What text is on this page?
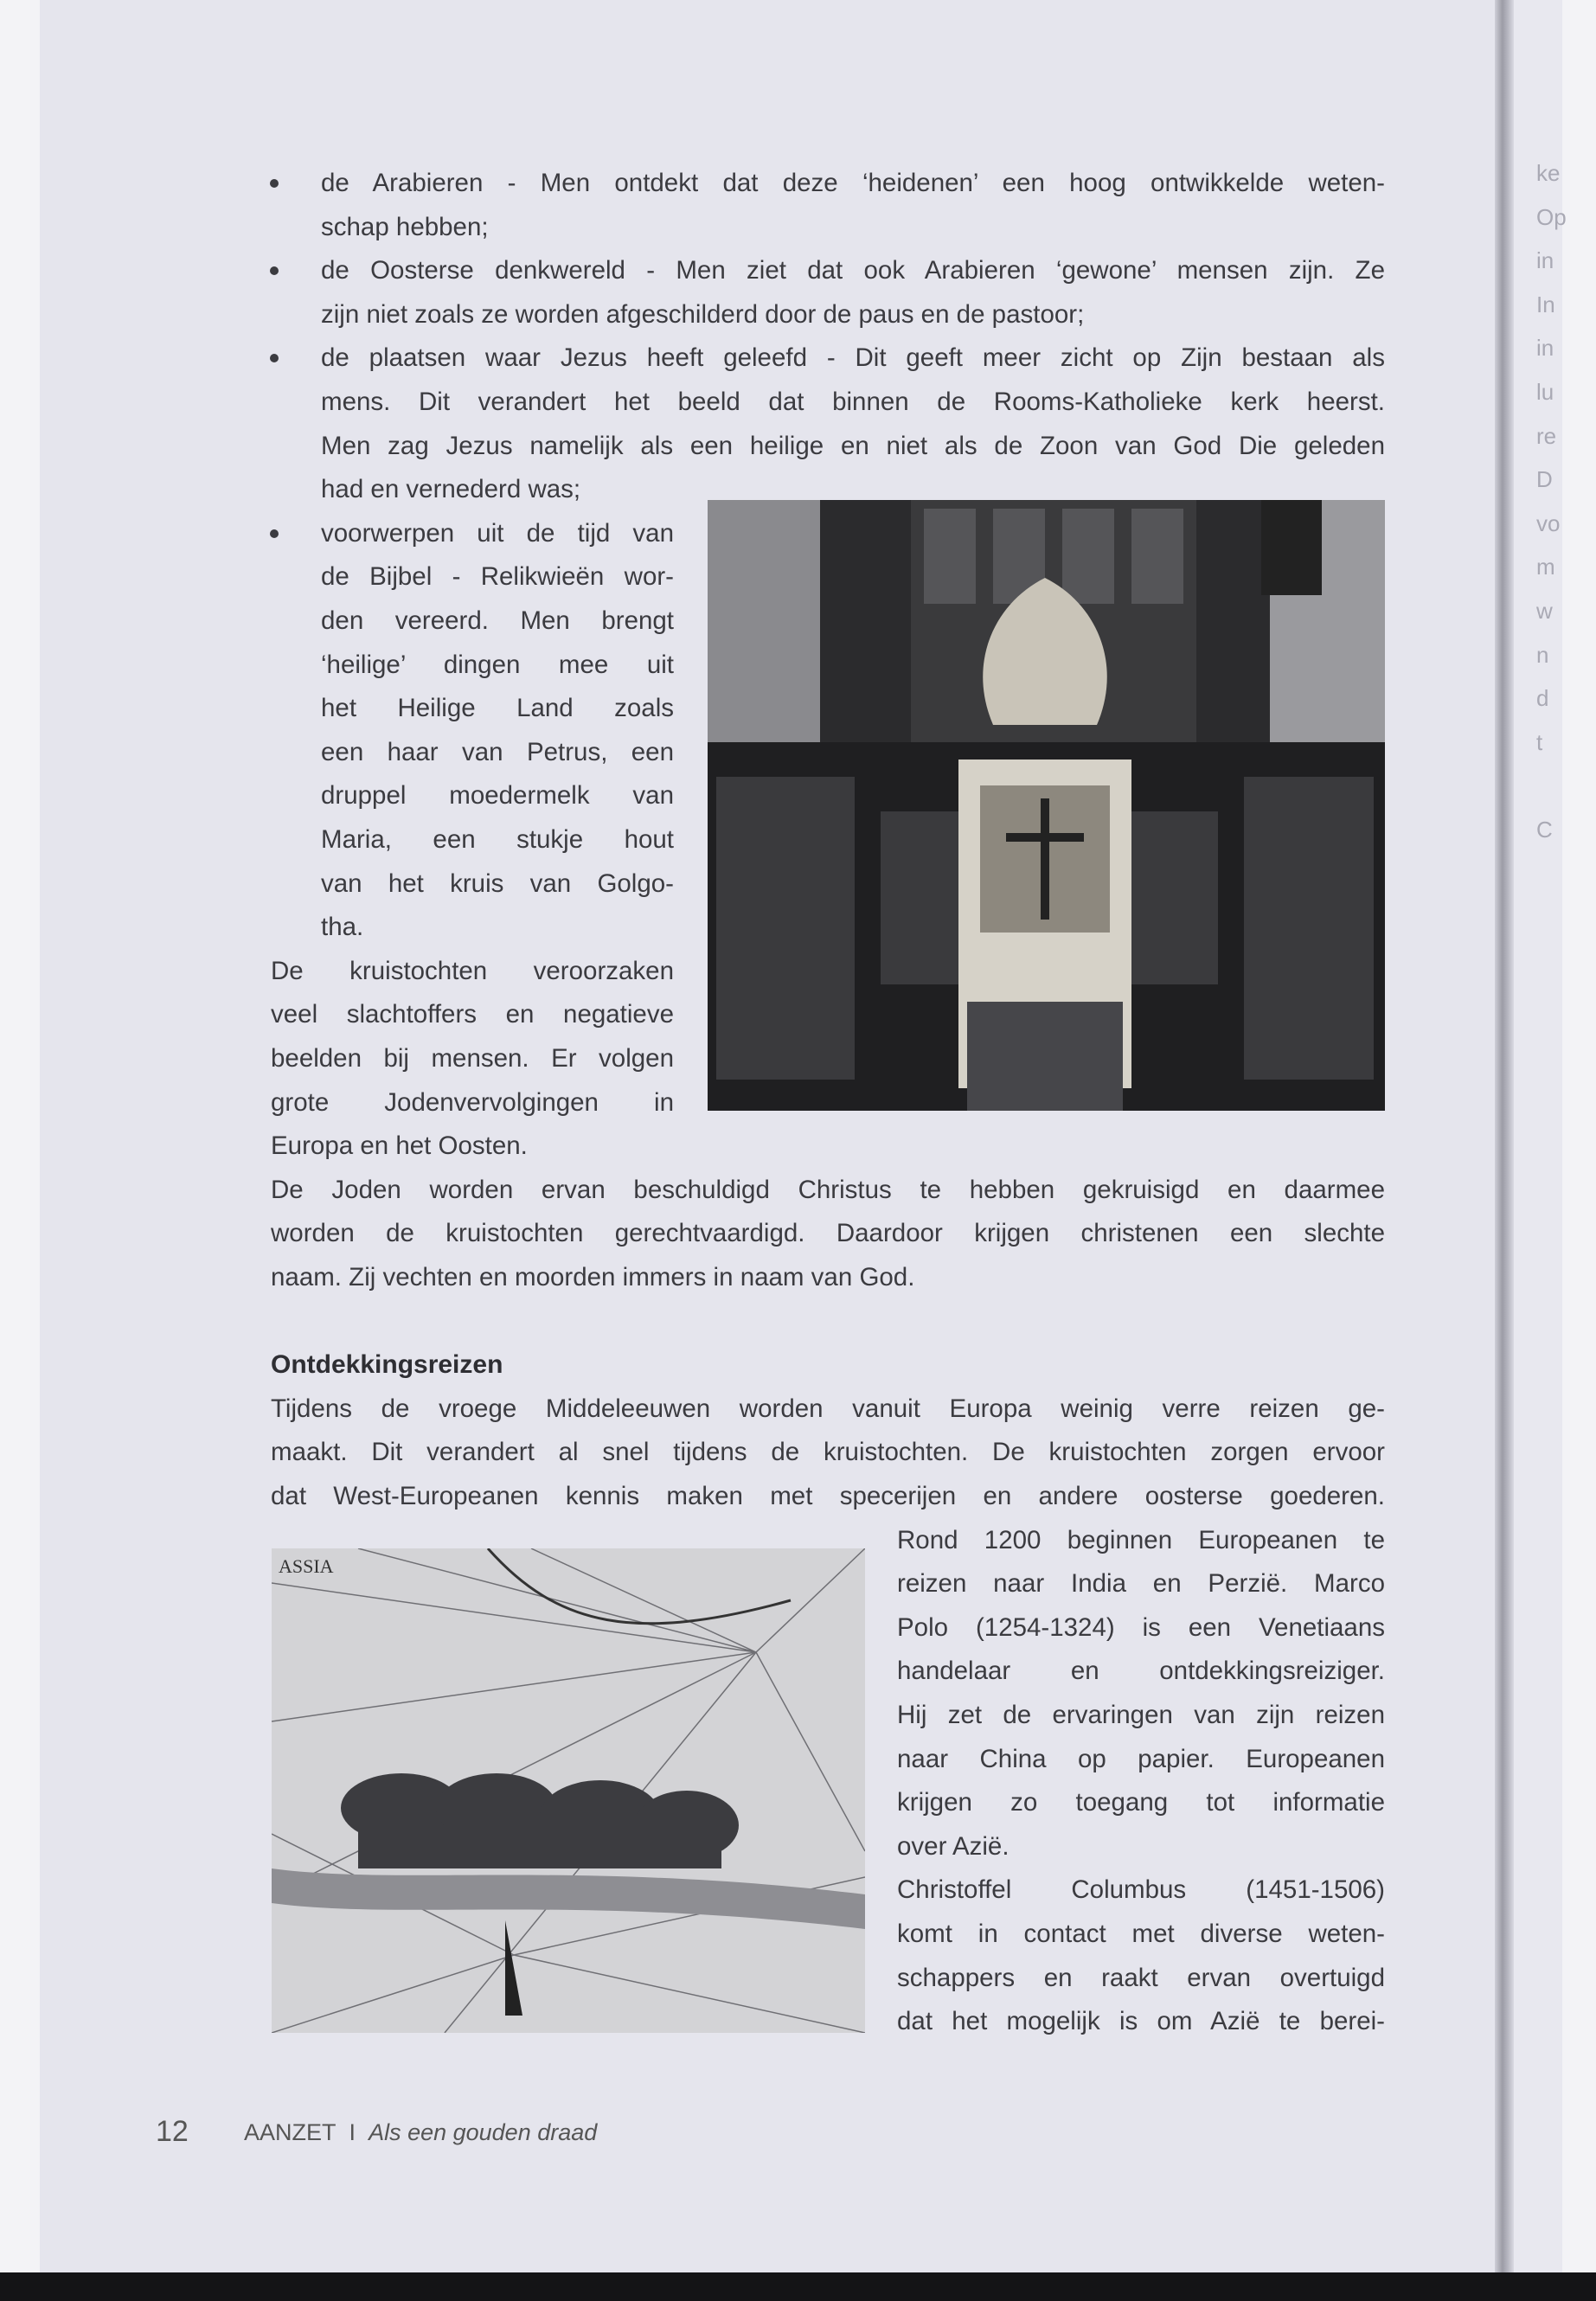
de Arabieren - Men ontdekt dat deze ‘heidenen’ een hoog ontwikkelde weten-
schap hebben;
de Oosterse denkwereld - Men ziet dat ook Arabieren ‘gewone’ mensen zijn. Ze
zijn niet zoals ze worden afgeschilderd door de paus en de pastoor;
de plaatsen waar Jezus heeft geleefd - Dit geeft meer zicht op Zijn bestaan als
mens. Dit verandert het beeld dat binnen de Rooms-Katholieke kerk heerst.
Men zag Jezus namelijk als een heilige en niet als de Zoon van God Die geleden
had en vernederd was;
voorwerpen uit de tijd van
de Bijbel - Relikwieën wor-
den vereerd. Men brengt
‘heilige’ dingen mee uit
het Heilige Land zoals
een haar van Petrus, een
druppel moedermelk van
Maria, een stukje hout
van het kruis van Golgo-
tha.
De kruistochten veroorzaken
veel slachtoffers en negatieve
beelden bij mensen. Er volgen
grote Jodenvervolgingen in
Europa en het Oosten.
De Joden worden ervan beschuldigd Christus te hebben gekruisigd en daarmee
worden de kruistochten gerechtvaardigd. Daardoor krijgen christenen een slechte
naam. Zij vechten en moorden immers in naam van God.
Tijdens de vroege Middeleeuwen worden vanuit Europa weinig verre reizen ge-
maakt. Dit verandert al snel tijdens de kruistochten. De kruistochten zorgen ervoor
dat West-Europeanen kennis maken met specerijen en andere oosterse goederen.
Rond 1200 beginnen Europeanen te
reizen naar India en Perzië. Marco
Polo (1254-1324) is een Venetiaans
handelaar en ontdekkingsreiziger.
Hij zet de ervaringen van zijn reizen
naar China op papier. Europeanen
krijgen zo toegang tot informatie
over Azië.
Christoffel Columbus (1451-1506)
komt in contact met diverse weten-
schappers en raakt ervan overtuigd
dat het mogelijk is om Azië te berei-
Ontdekkingsreizen
ASSIA
12 AANZET I Als een gouden draad
ke
Op
in
In
in
lu
re
D
vo
m
w
n
d
t
C
